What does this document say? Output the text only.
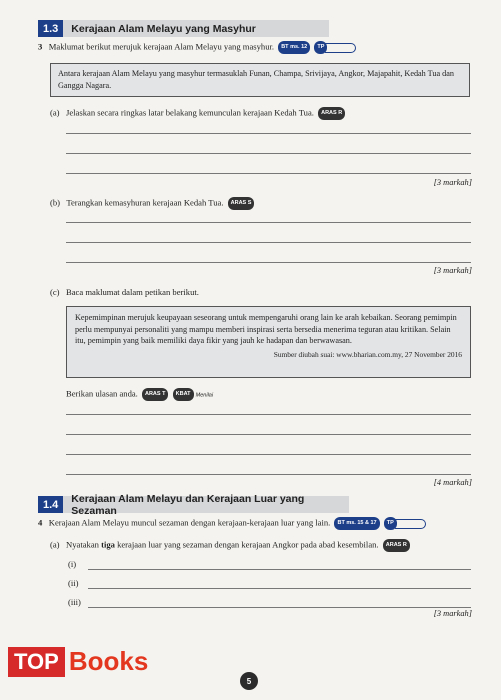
1.3	Kerajaan Alam Melayu yang Masyhur
3 Maklumat berikut merujuk kerajaan Alam Melayu yang masyhur. BT ms. 12 TP
Antara kerajaan Alam Melayu yang masyhur termasuklah Funan, Champa, Srivijaya, Angkor, Majapahit, Kedah Tua dan Gangga Nagara.
(a) Jelaskan secara ringkas latar belakang kemunculan kerajaan Kedah Tua. ARAS R
[3 markah]
(b) Terangkan kemasyhuran kerajaan Kedah Tua. ARAS S
[3 markah]
(c) Baca maklumat dalam petikan berikut.
Kepemimpinan merujuk keupayaan seseorang untuk mempengaruhi orang lain ke arah kebaikan. Seorang pemimpin perlu mempunyai personaliti yang mampu memberi inspirasi serta bersedia menerima teguran atau kritikan. Selain itu, pemimpin yang baik memiliki daya fikir yang jauh ke hadapan dan berwawasan.
Sumber diubah suai: www.bharian.com.my, 27 November 2016
Berikan ulasan anda. ARAS T KBAT Menilai
[4 markah]
1.4	Kerajaan Alam Melayu dan Kerajaan Luar yang Sezaman
4 Kerajaan Alam Melayu muncul sezaman dengan kerajaan-kerajaan luar yang lain. BT ms. 15 & 17 TP
(a) Nyatakan tiga kerajaan luar yang sezaman dengan kerajaan Angkor pada abad kesembilan. ARAS R
(i)
(ii)
(iii)
[3 markah]
TOP Books
5
